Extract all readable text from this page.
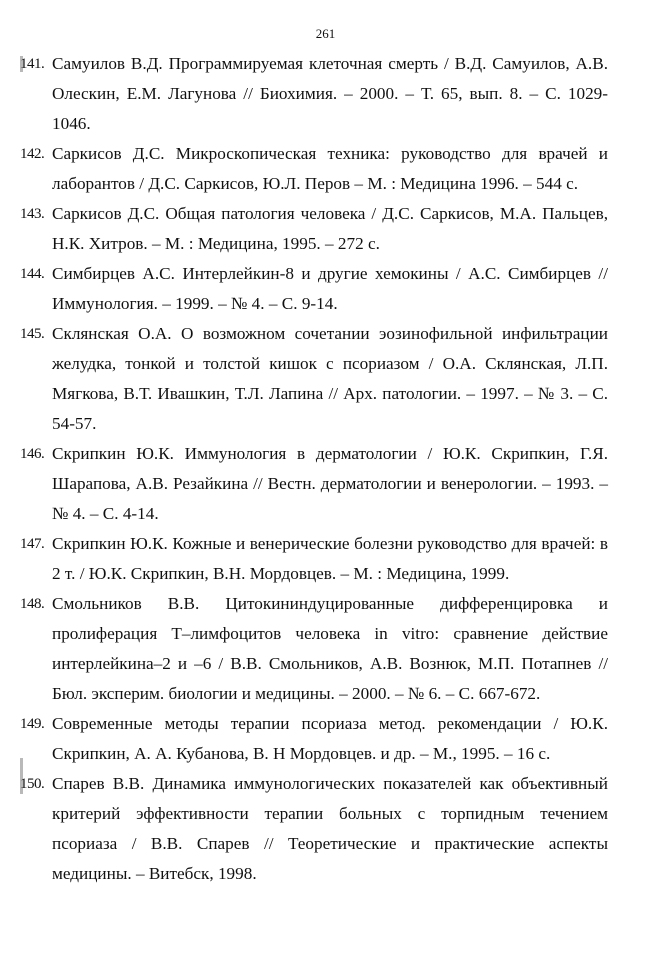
261
141. Самуилов В.Д. Программируемая клеточная смерть / В.Д. Самуилов, А.В. Олескин, Е.М. Лагунова // Биохимия. – 2000. – Т. 65, вып. 8. – С. 1029-1046.
142. Саркисов Д.С. Микроскопическая техника: руководство для врачей и лаборантов / Д.С. Саркисов, Ю.Л. Перов – М. : Медицина 1996. – 544 с.
143. Саркисов Д.С. Общая патология человека / Д.С. Саркисов, М.А. Пальцев, Н.К. Хитров. – М. : Медицина, 1995. – 272 с.
144. Симбирцев А.С. Интерлейкин-8 и другие хемокины / А.С. Симбирцев // Иммунология. – 1999. – № 4. – С. 9-14.
145. Склянская О.А. О возможном сочетании эозинофильной инфильтрации желудка, тонкой и толстой кишок с псориазом / О.А. Склянская, Л.П. Мягкова, В.Т. Ивашкин, Т.Л. Лапина // Арх. патологии. – 1997. – № 3. – С. 54-57.
146. Скрипкин Ю.К. Иммунология в дерматологии / Ю.К. Скрипкин, Г.Я. Шарапова, А.В. Резайкина // Вестн. дерматологии и венерологии. – 1993. – № 4. – С. 4-14.
147. Скрипкин Ю.К. Кожные и венерические болезни руководство для врачей: в 2 т. / Ю.К. Скрипкин, В.Н. Мордовцев. – М. : Медицина, 1999.
148. Смольников В.В. Цитокининдуцированные дифференцировка и пролиферация Т–лимфоцитов человека in vitro: сравнение действие интерлейкина–2 и –6 / В.В. Смольников, А.В. Вознюк, М.П. Потапнев // Бюл. эксперим. биологии и медицины. – 2000. – № 6. – С. 667-672.
149. Современные методы терапии псориаза метод. рекомендации / Ю.К. Скрипкин, А. А. Кубанова, В. Н Мордовцев. и др. – М., 1995. – 16 с.
150. Спарев В.В. Динамика иммунологических показателей как объективный критерий эффективности терапии больных с торпидным течением псориаза / В.В. Спарев // Теоретические и практические аспекты медицины. – Витебск, 1998.
